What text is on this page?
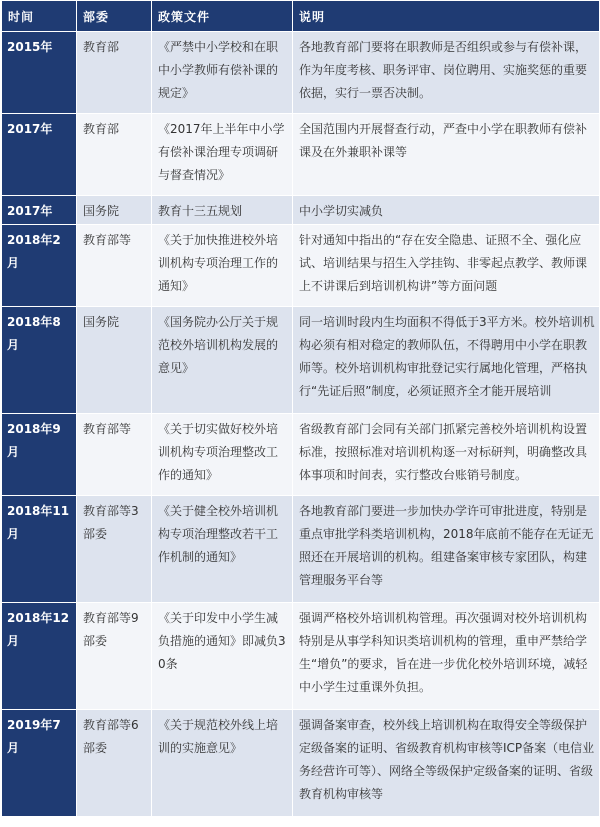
时间	部委	政策文件	说明
2015年	教育部	《严禁中小学校和在职中小学教师有偿补课的规定》	各地教育部门要将在职教师是否组织或参与有偿补课，作为年度考核、职务评审、岗位聘用、实施奖惩的重要依据，实行一票否决制。
2017年	教育部	《2017年上半年中小学有偿补课治理专项调研与督查情况》	全国范围内开展督查行动，严查中小学在职教师有偿补课及在外兼职补课等
2017年	国务院	教育十三五规划	中小学切实减负
2018年2月	教育部等	《关于加快推进校外培训机构专项治理工作的通知》	针对通知中指出的“存在安全隐患、证照不全、强化应试、培训结果与招生入学挂钩、非零起点教学、教师课上不讲课后到培训机构讲”等方面问题
2018年8月	国务院	《国务院办公厅关于规范校外培训机构发展的意见》	同一培训时段内生均面积不得低于3平方米。校外培训机构必须有相对稳定的教师队伍，不得聘用中小学在职教师等。校外培训机构审批登记实行属地化管理，严格执行“先证后照”制度，必须证照齐全才能开展培训
2018年9月	教育部等	《关于切实做好校外培训机构专项治理整改工作的通知》	省级教育部门会同有关部门抓紧完善校外培训机构设置标准，按照标准对培训机构逐一对标研判，明确整改具体事项和时间表，实行整改台账销号制度。
2018年11月	教育部等3部委	《关于健全校外培训机构专项治理整改若干工作机制的通知》	各地教育部门要进一步加快办学许可审批进度，特别是重点审批学科类培训机构，2018年底前不能存在无证无照还在开展培训的机构。组建备案审核专家团队，构建管理服务平台等
2018年12月	教育部等9部委	《关于印发中小学生减负措施的通知》即减负30条	强调严格校外培训机构管理。再次强调对校外培训机构特别是从事学科知识类培训机构的管理，重申严禁给学生“增负”的要求，旨在进一步优化校外培训环境，减轻中小学生过重课外负担。
2019年7月	教育部等6部委	《关于规范校外线上培训的实施意见》	强调备案审查，校外线上培训机构在取得安全等级保护定级备案的证明、省级教育机构审核等ICP备案（电信业务经营许可等）、网络全等级保护定级备案的证明、省级教育机构审核等
